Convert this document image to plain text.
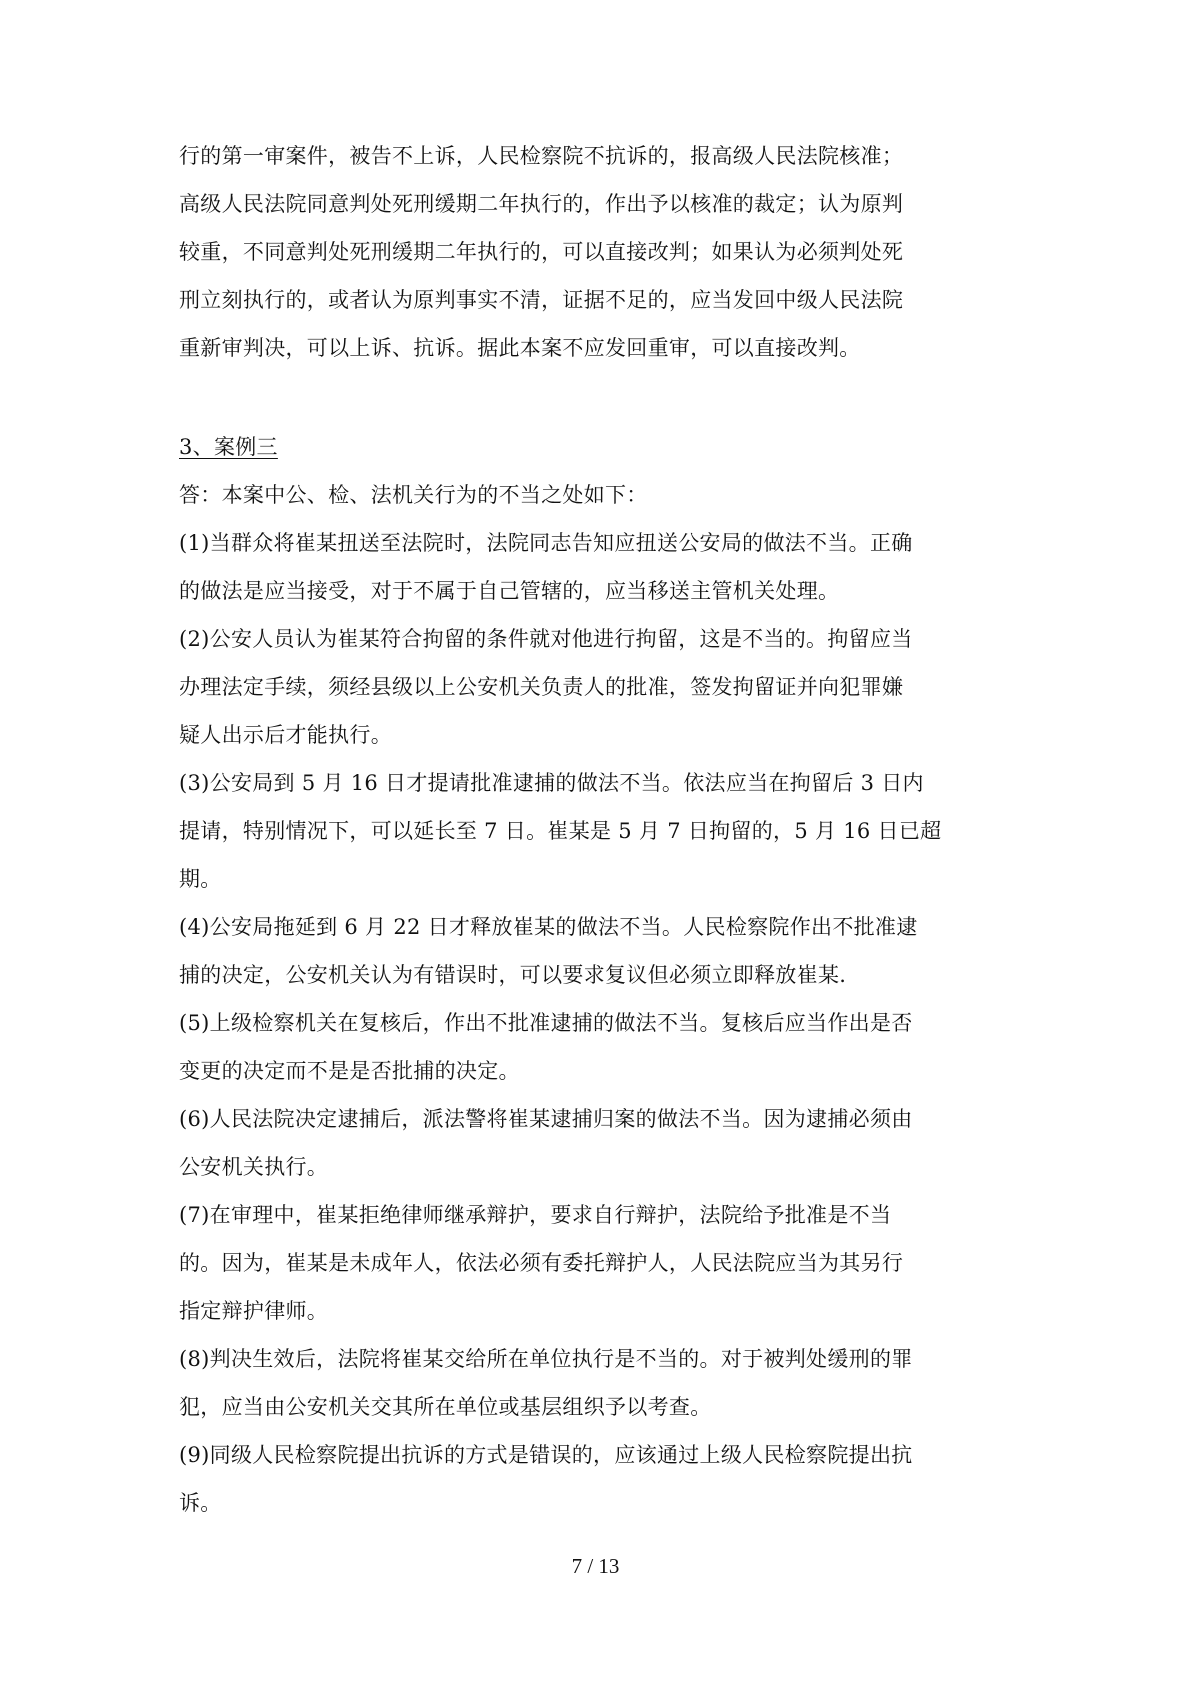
行的第一审案件，被告不上诉，人民检察院不抗诉的，报高级人民法院核准；
高级人民法院同意判处死刑缓期二年执行的，作出予以核准的裁定；认为原判
较重，不同意判处死刑缓期二年执行的，可以直接改判；如果认为必须判处死
刑立刻执行的，或者认为原判事实不清，证据不足的，应当发回中级人民法院
重新审判决，可以上诉、抗诉。据此本案不应发回重审，可以直接改判。
3、案例三
答：本案中公、检、法机关行为的不当之处如下：
(1)当群众将崔某扭送至法院时，法院同志告知应扭送公安局的做法不当。正确
的做法是应当接受，对于不属于自己管辖的，应当移送主管机关处理。
(2)公安人员认为崔某符合拘留的条件就对他进行拘留，这是不当的。拘留应当
办理法定手续，须经县级以上公安机关负责人的批准，签发拘留证并向犯罪嫌
疑人出示后才能执行。
(3)公安局到 5 月 16 日才提请批准逮捕的做法不当。依法应当在拘留后 3 日内
提请，特别情况下，可以延长至 7 日。崔某是 5 月 7 日拘留的，5 月 16 日已超
期。
(4)公安局拖延到 6 月 22 日才释放崔某的做法不当。人民检察院作出不批准逮
捕的决定，公安机关认为有错误时，可以要求复议但必须立即释放崔某.
(5)上级检察机关在复核后，作出不批准逮捕的做法不当。复核后应当作出是否
变更的决定而不是是否批捕的决定。
(6)人民法院决定逮捕后，派法警将崔某逮捕归案的做法不当。因为逮捕必须由
公安机关执行。
(7)在审理中，崔某拒绝律师继承辩护，要求自行辩护，法院给予批准是不当
的。因为，崔某是未成年人，依法必须有委托辩护人，人民法院应当为其另行
指定辩护律师。
(8)判决生效后，法院将崔某交给所在单位执行是不当的。对于被判处缓刑的罪
犯，应当由公安机关交其所在单位或基层组织予以考查。
(9)同级人民检察院提出抗诉的方式是错误的，应该通过上级人民检察院提出抗
诉。
7 / 13
